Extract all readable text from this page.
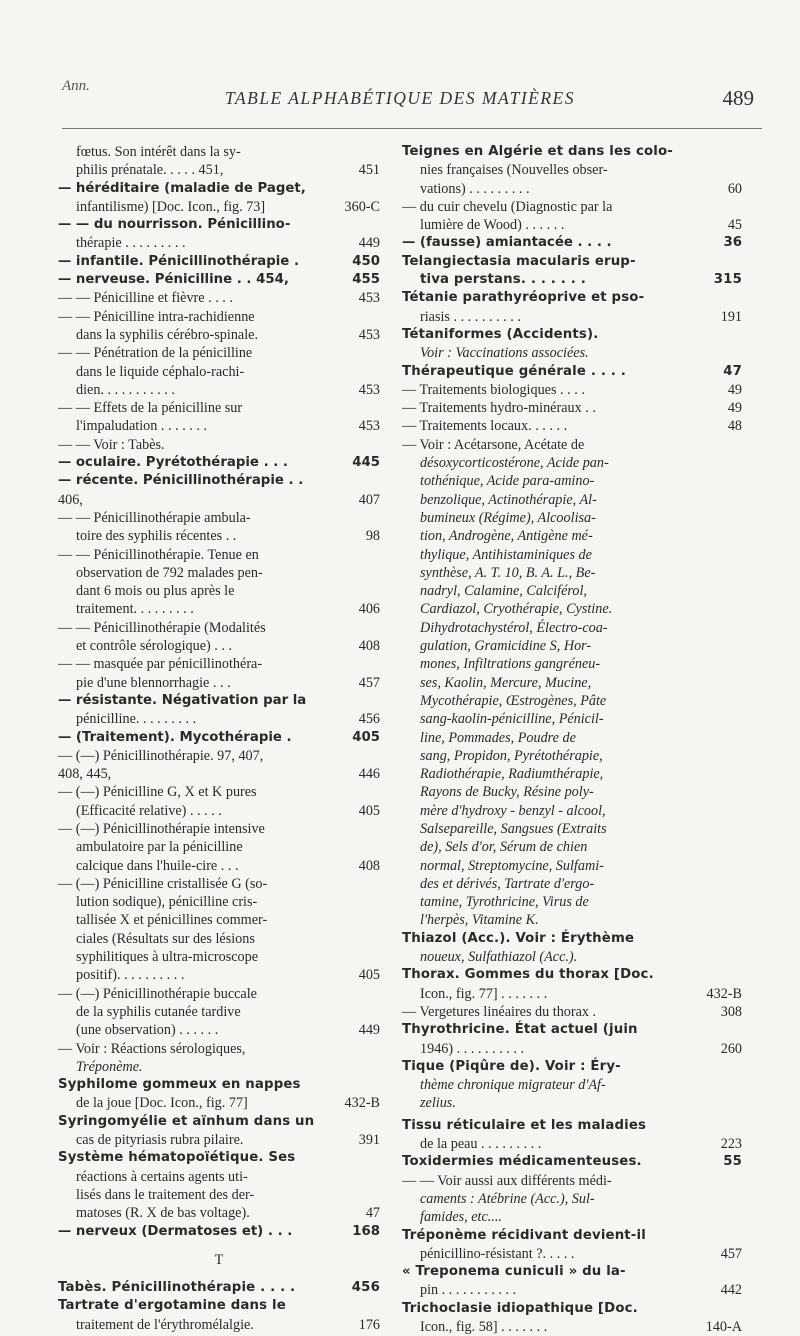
Ann.
TABLE ALPHABÉTIQUE DES MATIÈRES	489
fœtus. Son intérêt dans la sy-
philis prénatale. . . . . 451,	451
— héréditaire (maladie de Paget,
infantilisme) [Doc. Icon., fig. 73]	360-C
— — du nourrisson. Pénicillino-
thérapie . . . . . . . . .	449
— infantile. Pénicillinothérapie .	450
— nerveuse. Pénicilline . . 454,	455
— — Pénicilline et fièvre . . . .	453
— — Pénicilline intra-rachidienne
dans la syphilis cérébro-spinale.	453
— — Pénétration de la pénicilline
dans le liquide céphalo-rachi-
dien. . . . . . . . . . .	453
— — Effets de la pénicilline sur
l'impaludation . . . . . . .	453
— — Voir : Tabès.
— oculaire. Pyrétothérapie . . .	445
— récente. Pénicillinothérapie . .
406,	407
— — Pénicillinothérapie ambula-
toire des syphilis récentes . .	98
— — Pénicillinothérapie. Tenue en
observation de 792 malades pen-
dant 6 mois ou plus après le
traitement. . . . . . . . .	406
— — Pénicillinothérapie (Modalités
et contrôle sérologique) . . .	408
— — masquée par pénicillinothéra-
pie d'une blennorrhagie . . .	457
— résistante. Négativation par la
pénicilline. . . . . . . . .	456
— (Traitement). Mycothérapie .	405
— (—) Pénicillinothérapie. 97, 407,
408, 445,	446
— (—) Pénicilline G, X et K pures
(Efficacité relative) . . . . .	405
— (—) Pénicillinothérapie intensive
ambulatoire par la pénicilline
calcique dans l'huile-cire . . .	408
— (—) Pénicilline cristallisée G (so-
lution sodique), pénicilline cris-
tallisée X et pénicillines commer-
ciales (Résultats sur des lésions
syphilitiques à ultra-microscope
positif). . . . . . . . . .	405
— (—) Pénicillinothérapie buccale
de la syphilis cutanée tardive
(une observation) . . . . . .	449
— Voir : Réactions sérologiques,
Tréponème.
Syphilome gommeux en nappes
de la joue [Doc. Icon., fig. 77]	432-B
Syringomyélie et aïnhum dans un
cas de pityriasis rubra pilaire.	391
Système hématopoïétique. Ses
réactions à certains agents uti-
lisés dans le traitement des der-
matoses (R. X de bas voltage).	47
— nerveux (Dermatoses et) . . .	168
T
Tabès. Pénicillinothérapie . . . .	456
Tartrate d'ergotamine dans le
traitement de l'érythromélalgie.	176
Teignes en Algérie et dans les colo-
nies françaises (Nouvelles obser-
vations) . . . . . . . . .	60
— du cuir chevelu (Diagnostic par la
lumière de Wood) . . . . . .	45
— (fausse) amiantacée . . . .	36
Telangiectasia macularis erup-
tiva perstans. . . . . . .	315
Tétanie parathyréoprive et pso-
riasis . . . . . . . . . .	191
Tétaniformes (Accidents).
Voir : Vaccinations associées.
Thérapeutique générale . . . .	47
— Traitements biologiques . . . .	49
— Traitements hydro-minéraux . .	49
— Traitements locaux. . . . . .	48
— Voir : Acétarsone, Acétate de
désoxycorticostérone, Acide pan-
tothénique, Acide para-amino-
benzolique, Actinothérapie, Al-
bumineux (Régime), Alcoolisa-
tion, Androgène, Antigène mé-
thylique, Antihistaminiques de
synthèse, A. T. 10, B. A. L., Be-
nadryl, Calamine, Calciférol,
Cardiazol, Cryothérapie, Cystine.
Dihydrotachystérol, Électro-coa-
gulation, Gramicidine S, Hor-
mones, Infiltrations gangréneu-
ses, Kaolin, Mercure, Mucine,
Mycothérapie, Œstrogènes, Pâte
sang-kaolin-pénicilline, Pénicil-
line, Pommades, Poudre de
sang, Propidon, Pyrétothérapie,
Radiothérapie, Radiumthérapie,
Rayons de Bucky, Résine poly-
mère d'hydroxy - benzyl - alcool,
Salsepareille, Sangsues (Extraits
de), Sels d'or, Sérum de chien
normal, Streptomycine, Sulfami-
des et dérivés, Tartrate d'ergo-
tamine, Tyrothricine, Virus de
l'herpès, Vitamine K.
Thiazol (Acc.). Voir : Érythème
noueux, Sulfathiazol (Acc.).
Thorax. Gommes du thorax [Doc.
Icon., fig. 77] . . . . . . .	432-B
— Vergetures linéaires du thorax .	308
Thyrothricine. État actuel (juin
1946) . . . . . . . . . .	260
Tique (Piqûre de). Voir : Éry-
thème chronique migrateur d'Af-
zelius.
Tissu réticulaire et les maladies
de la peau . . . . . . . . .	223
Toxidermies médicamenteuses.	55
— — Voir aussi aux différents médi-
caments : Atébrine (Acc.), Sul-
famides, etc....
Tréponème récidivant devient-il
pénicillino-résistant ?. . . . .	457
« Treponema cuniculi » du la-
pin . . . . . . . . . . .	442
Trichoclasie idiopathique [Doc.
Icon., fig. 58] . . . . . . .	140-A
